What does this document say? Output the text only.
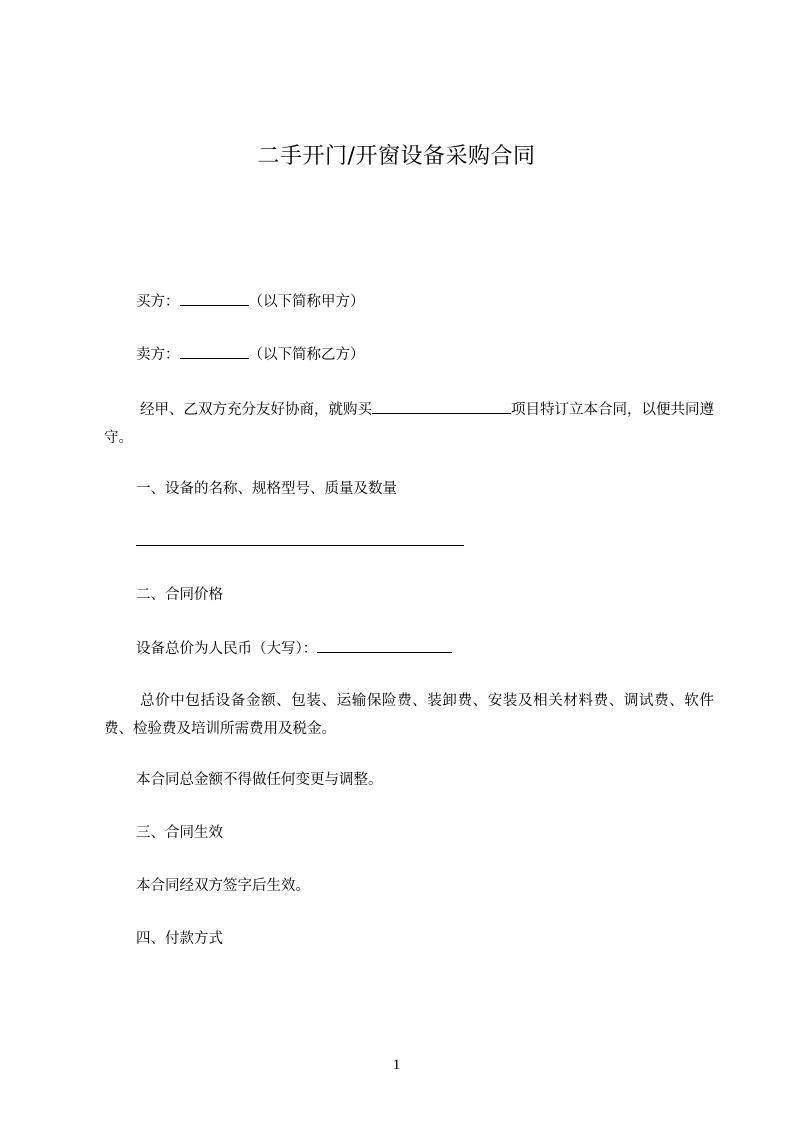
二手开门/开窗设备采购合同
买方：	（以下简称甲方）
卖方：	（以下简称乙方）
经甲、乙双方充分友好协商，就购买	项目特订立本合同，以便共同遵守。
一、设备的名称、规格型号、质量及数量
二、合同价格
设备总价为人民币（大写）：
总价中包括设备金额、包装、运输保险费、装卸费、安装及相关材料费、调试费、软件费、检验费及培训所需费用及税金。
本合同总金额不得做任何变更与调整。
三、合同生效
本合同经双方签字后生效。
四、付款方式
1
